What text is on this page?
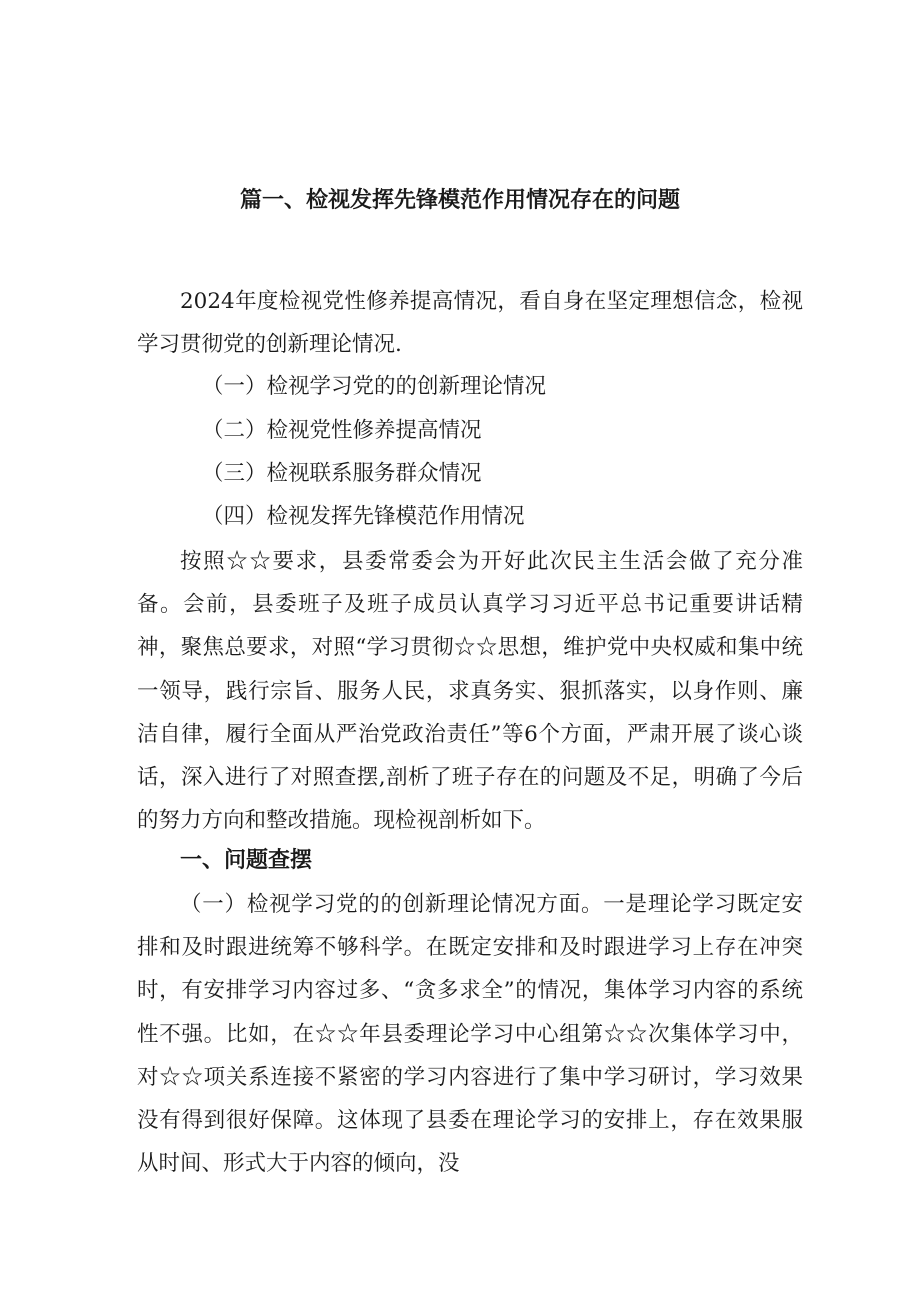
篇一、检视发挥先锋模范作用情况存在的问题

2024年度检视党性修养提高情况，看自身在坚定理想信念，检视学习贯彻党的创新理论情况.

（一）检视学习党的的创新理论情况

（二）检视党性修养提高情况

（三）检视联系服务群众情况

（四）检视发挥先锋模范作用情况

按照☆☆要求，县委常委会为开好此次民主生活会做了充分准备。会前，县委班子及班子成员认真学习习近平总书记重要讲话精神，聚焦总要求，对照“学习贯彻☆☆思想，维护党中央权威和集中统一领导，践行宗旨、服务人民，求真务实、狠抓落实，以身作则、廉洁自律，履行全面从严治党政治责任”等6个方面，严肃开展了谈心谈话，深入进行了对照查摆,剖析了班子存在的问题及不足，明确了今后的努力方向和整改措施。现检视剖析如下。

一、问题查摆

（一）检视学习党的的创新理论情况方面。一是理论学习既定安排和及时跟进统筹不够科学。在既定安排和及时跟进学习上存在冲突时，有安排学习内容过多、“贪多求全”的情况，集体学习内容的系统性不强。比如，在☆☆年县委理论学习中心组第☆☆次集体学习中，对☆☆项关系连接不紧密的学习内容进行了集中学习研讨，学习效果没有得到很好保障。这体现了县委在理论学习的安排上，存在效果服从时间、形式大于内容的倾向，没
